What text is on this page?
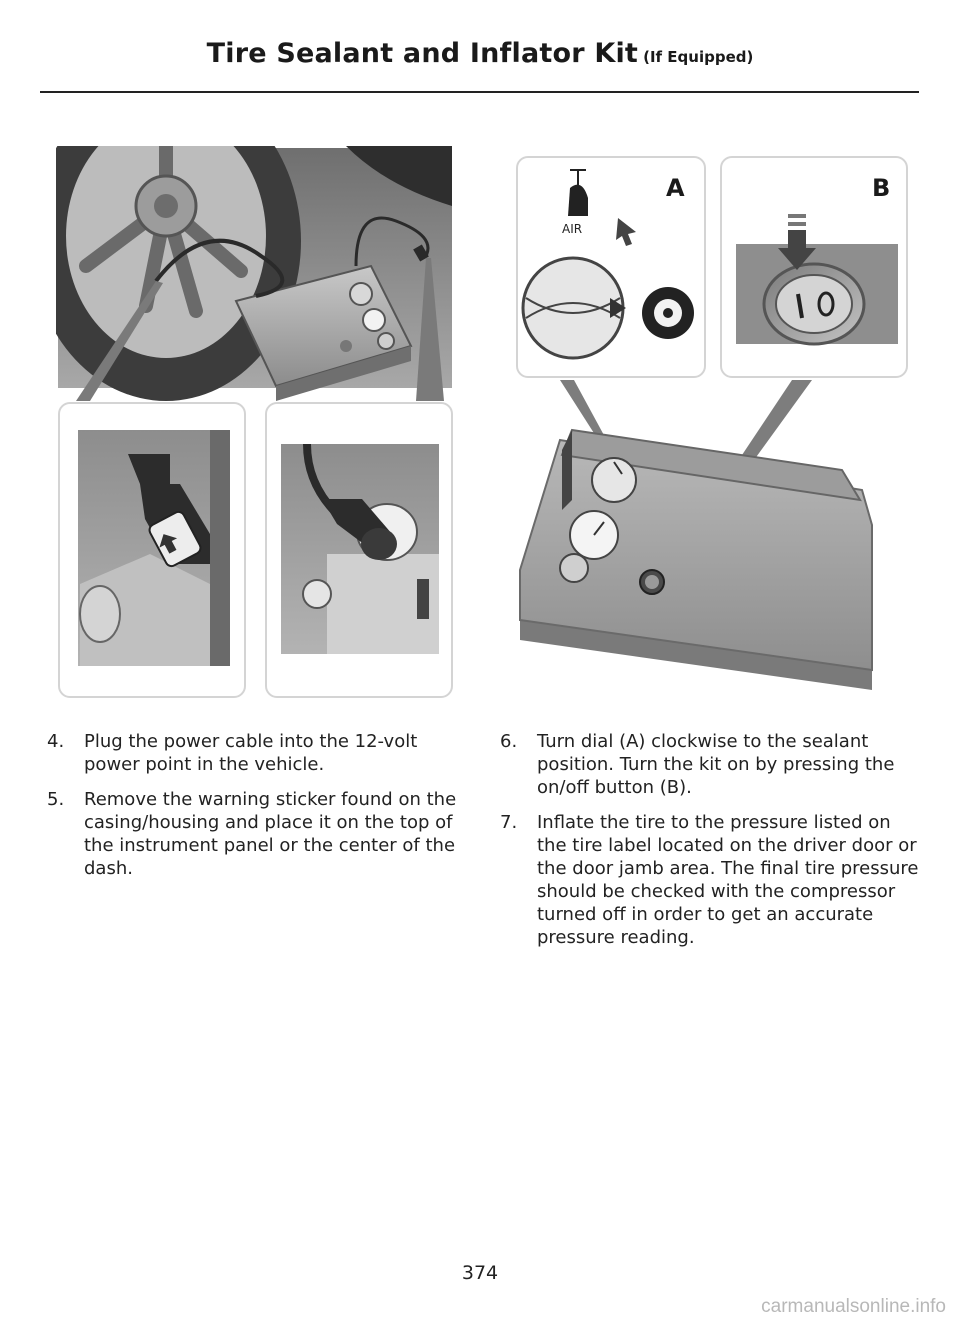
Tire Sealant and Inflator Kit (If Equipped)
A
AIR
B
4. Plug the power cable into the 12-volt power point in the vehicle.
5. Remove the warning sticker found on the casing/housing and place it on the top of the instrument panel or the center of the dash.
6. Turn dial (A) clockwise to the sealant position. Turn the kit on by pressing the on/off button (B).
7. Inflate the tire to the pressure listed on the tire label located on the driver door or the door jamb area. The final tire pressure should be checked with the compressor turned off in order to get an accurate pressure reading.
374
carmanualsonline.info
